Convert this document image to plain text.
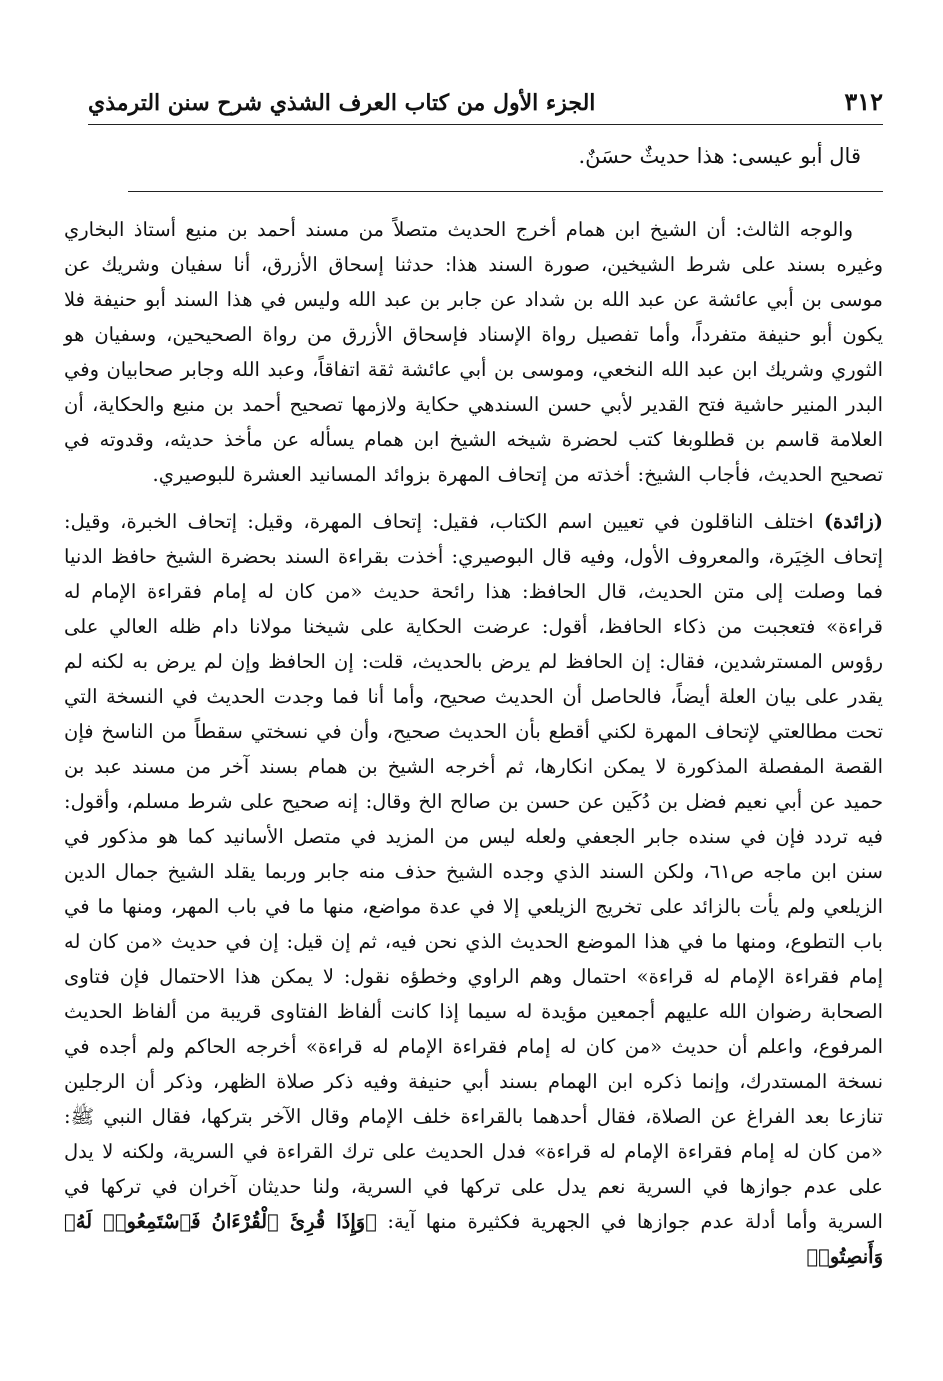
٣١٢
الجزء الأول من كتاب العرف الشذي شرح سنن الترمذي
قال أبو عيسى: هذا حديثٌ حسَنٌ.

والوجه الثالث: أن الشيخ ابن همام أخرج الحديث متصلاً من مسند أحمد بن منيع أستاذ البخاري وغيره بسند على شرط الشيخين، صورة السند هذا: حدثنا إسحاق الأزرق، أنا سفيان وشريك عن موسى بن أبي عائشة عن عبد الله بن شداد عن جابر بن عبد الله وليس في هذا السند أبو حنيفة فلا يكون أبو حنيفة متفرداً، وأما تفصيل رواة الإسناد فإسحاق الأزرق من رواة الصحيحين، وسفيان هو الثوري وشريك ابن عبد الله النخعي، وموسى بن أبي عائشة ثقة اتفاقاً، وعبد الله وجابر صحابيان وفي البدر المنير حاشية فتح القدير لأبي حسن السندهي حكاية ولازمها تصحيح أحمد بن منيع والحكاية، أن العلامة قاسم بن قطلوبغا كتب لحضرة شيخه الشيخ ابن همام يسأله عن مأخذ حديثه، وقدوته في تصحيح الحديث، فأجاب الشيخ: أخذته من إتحاف المهرة بزوائد المسانيد العشرة للبوصيري.

(زائدة) اختلف الناقلون في تعيين اسم الكتاب، فقيل: إتحاف المهرة، وقيل: إتحاف الخبرة، وقيل: إتحاف الخِيَرة، والمعروف الأول، وفيه قال البوصيري: أخذت بقراءة السند بحضرة الشيخ حافظ الدنيا فما وصلت إلى متن الحديث، قال الحافظ: هذا رائحة حديث «من كان له إمام فقراءة الإمام له قراءة» فتعجبت من ذكاء الحافظ، أقول: عرضت الحكاية على شيخنا مولانا دام ظله العالي على رؤوس المسترشدين، فقال: إن الحافظ لم يرض بالحديث، قلت: إن الحافظ وإن لم يرض به لكنه لم يقدر على بيان العلة أيضاً، فالحاصل أن الحديث صحيح، وأما أنا فما وجدت الحديث في النسخة التي تحت مطالعتي لإتحاف المهرة لكني أقطع بأن الحديث صحيح، وأن في نسختي سقطاً من الناسخ فإن القصة المفصلة المذكورة لا يمكن انكارها، ثم أخرجه الشيخ بن همام بسند آخر من مسند عبد بن حميد عن أبي نعيم فضل بن دُكَين عن حسن بن صالح الخ وقال: إنه صحيح على شرط مسلم، وأقول: فيه تردد فإن في سنده جابر الجعفي ولعله ليس من المزيد في متصل الأسانيد كما هو مذكور في سنن ابن ماجه ص٦١، ولكن السند الذي وجده الشيخ حذف منه جابر وربما يقلد الشيخ جمال الدين الزيلعي ولم يأت بالزائد على تخريج الزيلعي إلا في عدة مواضع، منها ما في باب المهر، ومنها ما في باب التطوع، ومنها ما في هذا الموضع الحديث الذي نحن فيه، ثم إن قيل: إن في حديث «من كان له إمام فقراءة الإمام له قراءة» احتمال وهم الراوي وخطؤه نقول: لا يمكن هذا الاحتمال فإن فتاوى الصحابة رضوان الله عليهم أجمعين مؤيدة له سيما إذا كانت ألفاظ الفتاوى قريبة من ألفاظ الحديث المرفوع، واعلم أن حديث «من كان له إمام فقراءة الإمام له قراءة» أخرجه الحاكم ولم أجده في نسخة المستدرك، وإنما ذكره ابن الهمام بسند أبي حنيفة وفيه ذكر صلاة الظهر، وذكر أن الرجلين تنازعا بعد الفراغ عن الصلاة، فقال أحدهما بالقراءة خلف الإمام وقال الآخر بتركها، فقال النبي ﷺ: «من كان له إمام فقراءة الإمام له قراءة» فدل الحديث على ترك القراءة في السرية، ولكنه لا يدل على عدم جوازها في السرية نعم يدل على تركها في السرية، ولنا حديثان آخران في تركها في السرية وأما أدلة عدم جوازها في الجهرية فكثيرة منها آية: ﴿وَإِذَا قُرِئَ ٱلْقُرْءَانُ فَٱسْتَمِعُوا۟ لَهُۥ وَأَنصِتُوا۟
